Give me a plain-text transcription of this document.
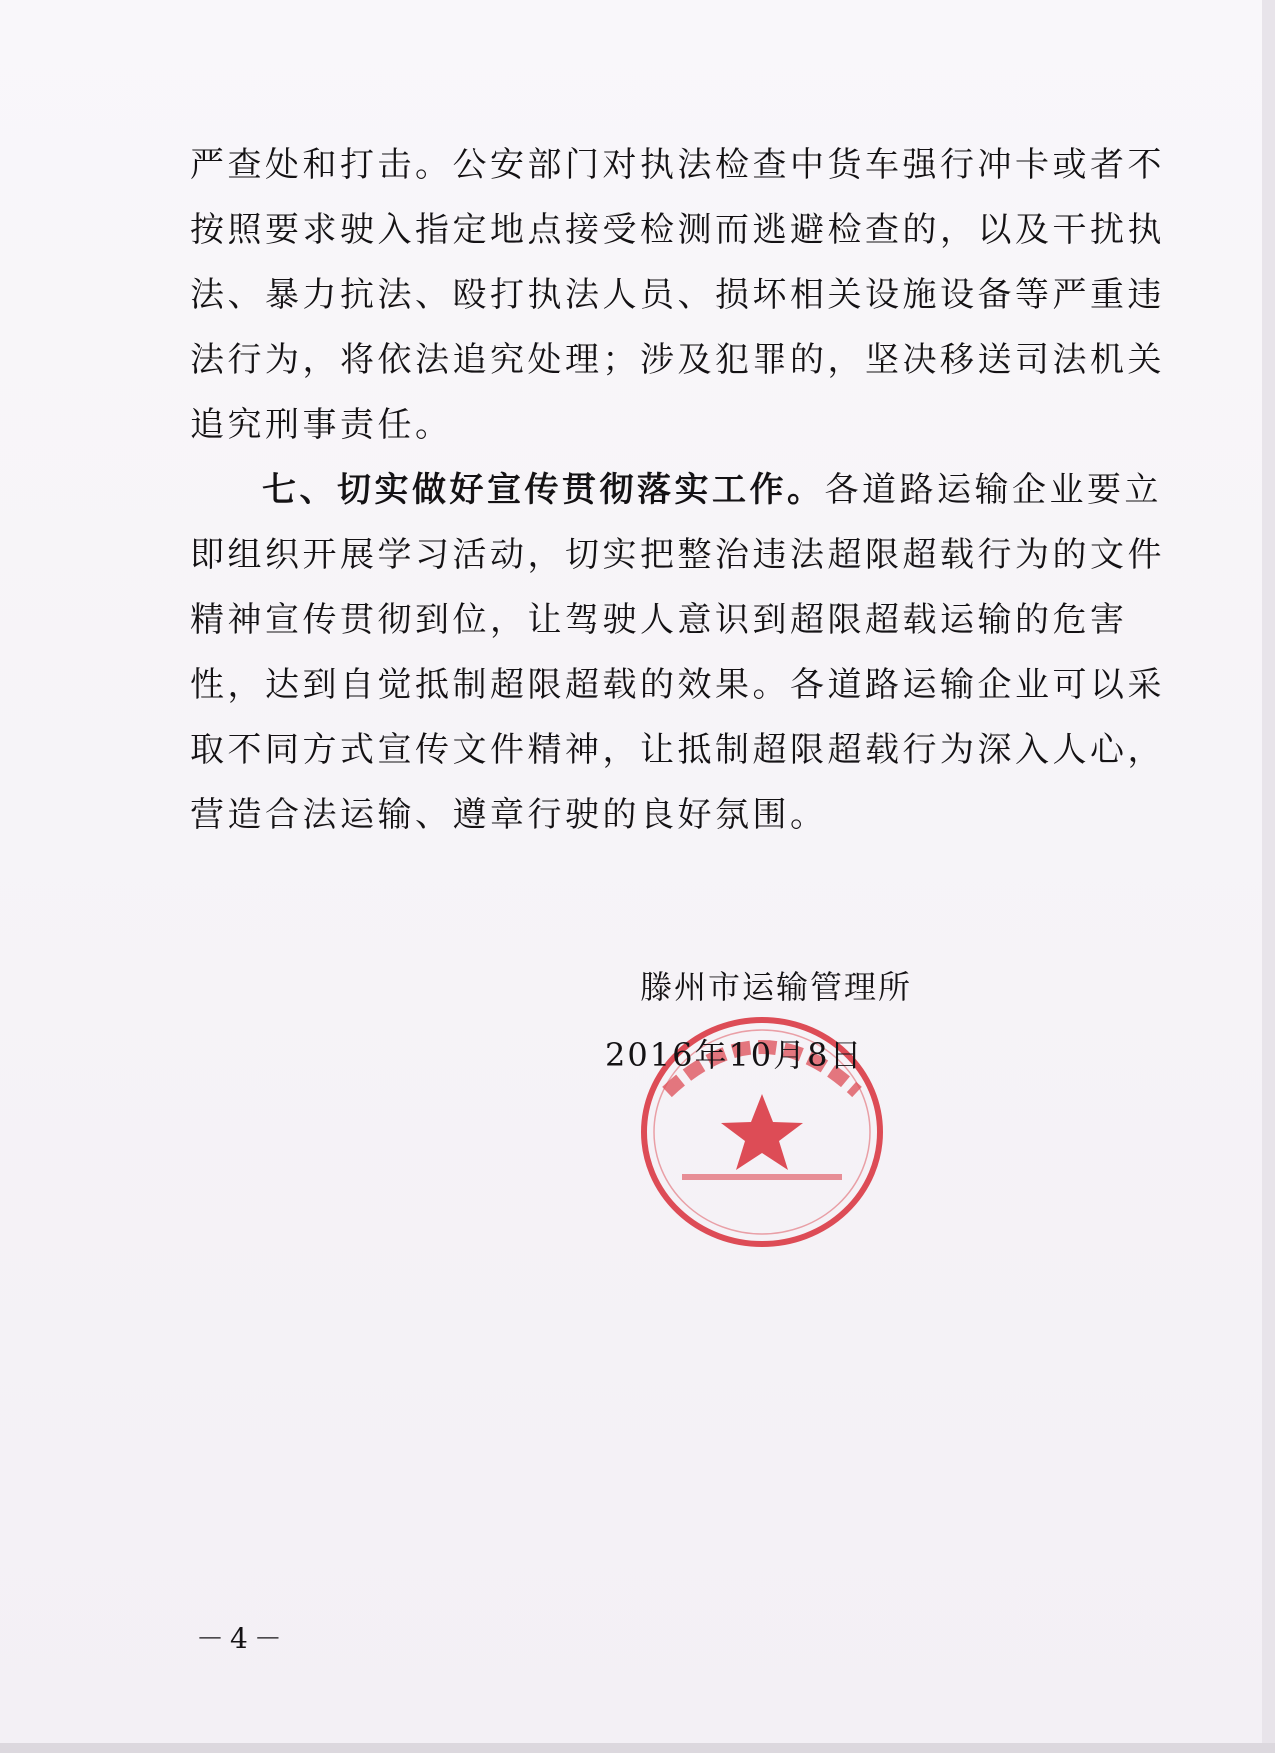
严查处和打击。公安部门对执法检查中货车强行冲卡或者不
按照要求驶入指定地点接受检测而逃避检查的，以及干扰执
法、暴力抗法、殴打执法人员、损坏相关设施设备等严重违
法行为，将依法追究处理；涉及犯罪的，坚决移送司法机关
追究刑事责任。
七、切实做好宣传贯彻落实工作。各道路运输企业要立
即组织开展学习活动，切实把整治违法超限超载行为的文件
精神宣传贯彻到位，让驾驶人意识到超限超载运输的危害
性，达到自觉抵制超限超载的效果。各道路运输企业可以采
取不同方式宣传文件精神，让抵制超限超载行为深入人心，
营造合法运输、遵章行驶的良好氛围。
滕州市运输管理所
2016年10月8日
－4－
